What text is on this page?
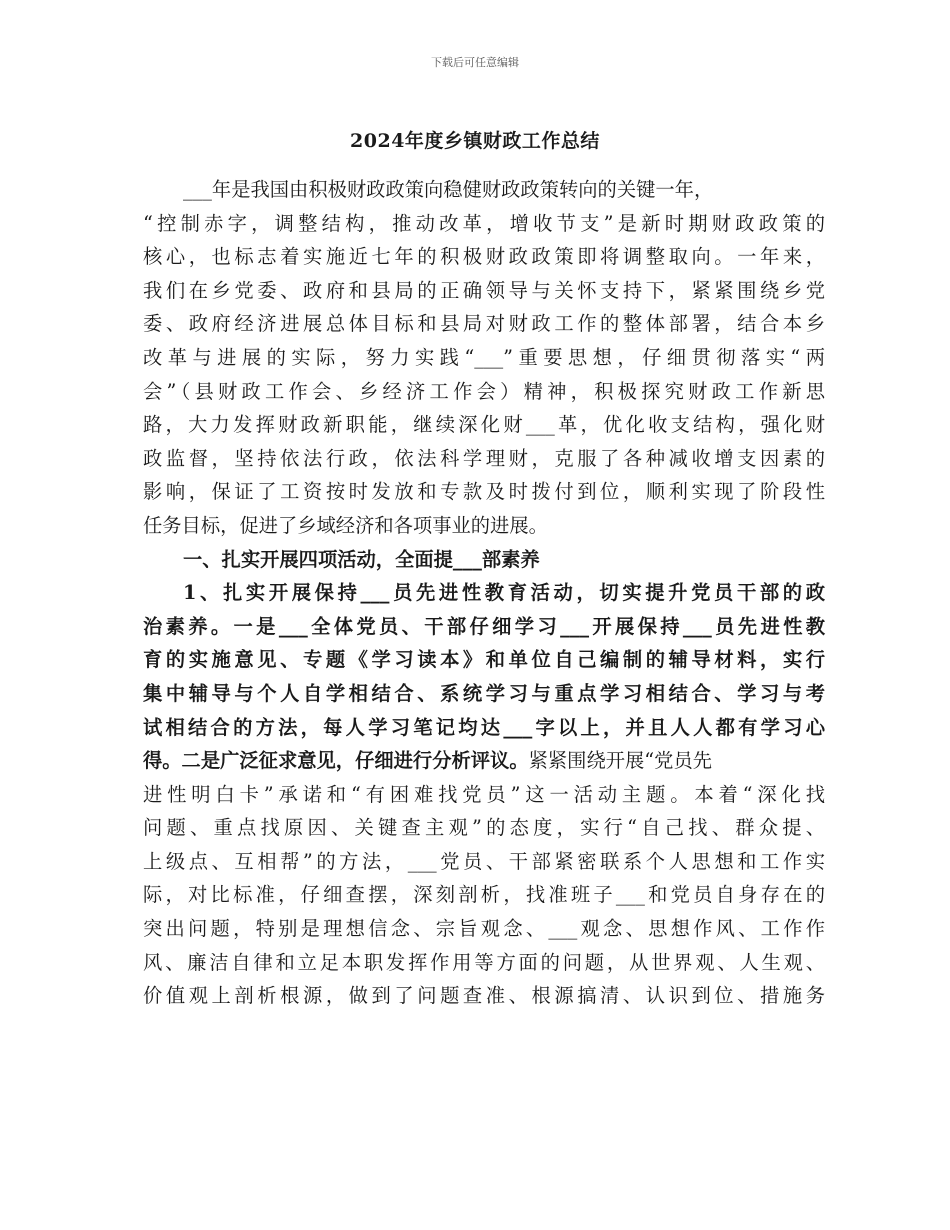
下载后可任意编辑
2024年度乡镇财政工作总结
___年是我国由积极财政政策向稳健财政政策转向的关键一年，
“控制赤字，调整结构，推动改革，增收节支”是新时期财政政策的
核心，也标志着实施近七年的积极财政政策即将调整取向。一年来，
我们在乡党委、政府和县局的正确领导与关怀支持下，紧紧围绕乡党
委、政府经济进展总体目标和县局对财政工作的整体部署，结合本乡
改革与进展的实际，努力实践“___”重要思想，仔细贯彻落实“两
会”（县财政工作会、乡经济工作会）精神，积极探究财政工作新思
路，大力发挥财政新职能，继续深化财___革，优化收支结构，强化财
政监督，坚持依法行政，依法科学理财，克服了各种减收增支因素的
影响，保证了工资按时发放和专款及时拨付到位，顺利实现了阶段性
任务目标，促进了乡域经济和各项事业的进展。
一、扎实开展四项活动，全面提___部素养
1、扎实开展保持___员先进性教育活动，切实提升党员干部的政
治素养。一是___全体党员、干部仔细学习___开展保持___员先进性教
育的实施意见、专题《学习读本》和单位自己编制的辅导材料，实行
集中辅导与个人自学相结合、系统学习与重点学习相结合、学习与考
试相结合的方法，每人学习笔记均达___字以上，并且人人都有学习心
得。二是广泛征求意见，仔细进行分析评议。紧紧围绕开展“党员先
进性明白卡”承诺和“有困难找党员”这一活动主题。本着“深化找
问题、重点找原因、关键查主观”的态度，实行“自己找、群众提、
上级点、互相帮”的方法，___党员、干部紧密联系个人思想和工作实
际，对比标准，仔细查摆，深刻剖析，找准班子___和党员自身存在的
突出问题，特别是理想信念、宗旨观念、___观念、思想作风、工作作
风、廉洁自律和立足本职发挥作用等方面的问题，从世界观、人生观、
价值观上剖析根源，做到了问题查准、根源搞清、认识到位、措施务
